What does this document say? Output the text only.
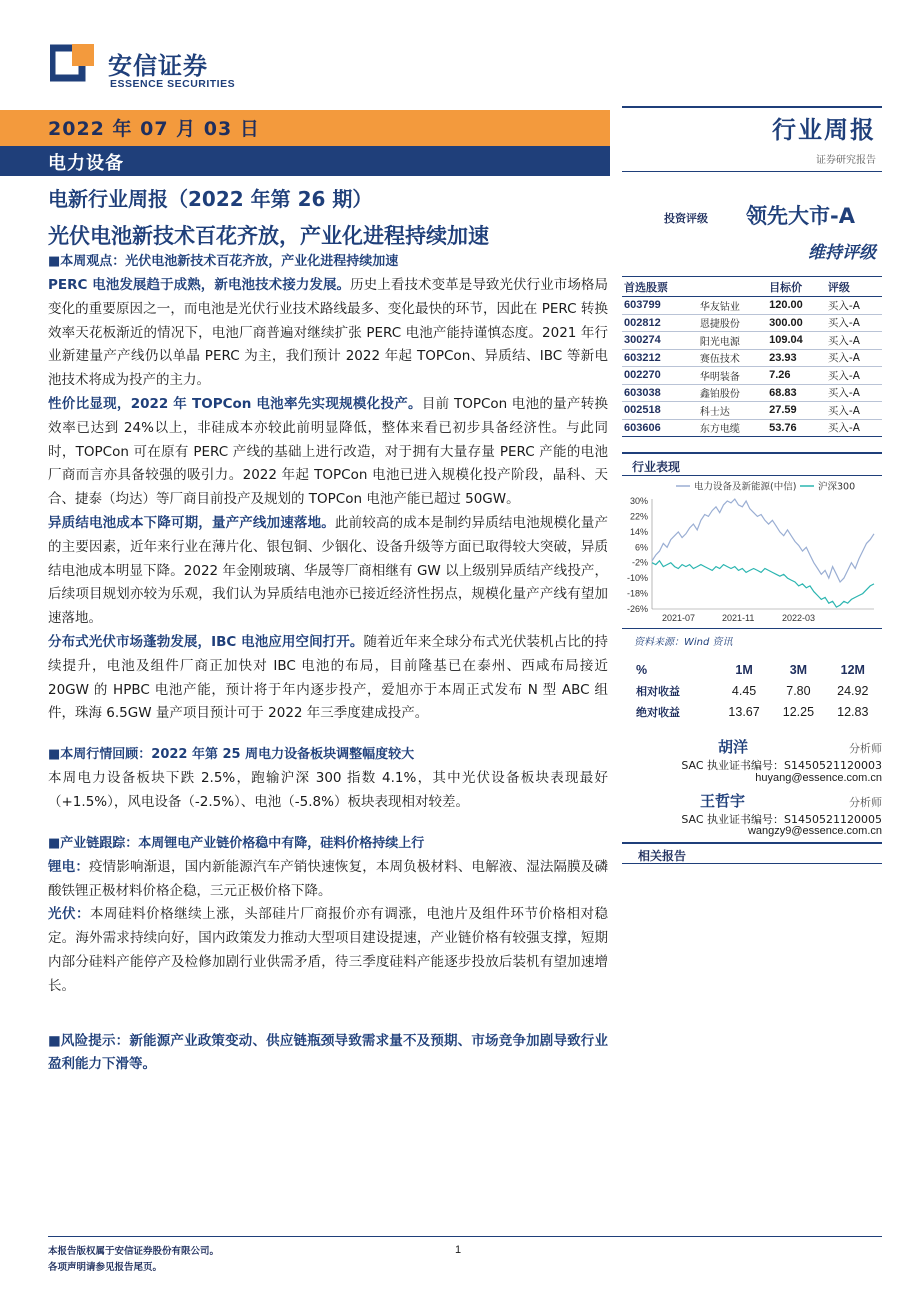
安信证券
ESSENCE SECURITIES
2022 年 07 月 03 日
电力设备
行业周报
证券研究报告
电新行业周报（2022 年第 26 期）
光伏电池新技术百花齐放，产业化进程持续加速
投资评级 领先大市-A
维持评级
■本周观点：光伏电池新技术百花齐放，产业化进程持续加速

PERC 电池发展趋于成熟，新电池技术接力发展。历史上看技术变革是导致光伏行业市场格局变化的重要原因之一，而电池是光伏行业技术路线最多、变化最快的环节，因此在 PERC 转换效率天花板渐近的情况下，电池厂商普遍对继续扩张 PERC 电池产能持谨慎态度。2021 年行业新建量产产线仍以单晶 PERC 为主，我们预计 2022 年起 TOPCon、异质结、IBC 等新电池技术将成为投产的主力。

性价比显现，2022 年 TOPCon 电池率先实现规模化投产。目前 TOPCon 电池的量产转换效率已达到 24%以上，非硅成本亦较此前明显降低，整体来看已初步具备经济性。与此同时，TOPCon 可在原有 PERC 产线的基础上进行改造，对于拥有大量存量 PERC 产能的电池厂商而言亦具备较强的吸引力。2022 年起 TOPCon 电池已进入规模化投产阶段，晶科、天合、捷泰（均达）等厂商目前投产及规划的 TOPCon 电池产能已超过 50GW。

异质结电池成本下降可期，量产产线加速落地。此前较高的成本是制约异质结电池规模化量产的主要因素，近年来行业在薄片化、银包铜、少铟化、设备升级等方面已取得较大突破，异质结电池成本明显下降。2022 年金刚玻璃、华晟等厂商相继有 GW 以上级别异质结产线投产，后续项目规划亦较为乐观，我们认为异质结电池亦已接近经济性拐点，规模化量产产线有望加速落地。

分布式光伏市场蓬勃发展，IBC 电池应用空间打开。随着近年来全球分布式光伏装机占比的持续提升，电池及组件厂商正加快对 IBC 电池的布局，目前隆基已在泰州、西咸布局接近 20GW 的 HPBC 电池产能，预计将于年内逐步投产，爱旭亦于本周正式发布 N 型 ABC 组件，珠海 6.5GW 量产项目预计可于 2022 年三季度建成投产。

■本周行情回顾：2022 年第 25 周电力设备板块调整幅度较大

本周电力设备板块下跌 2.5%，跑输沪深 300 指数 4.1%，其中光伏设备板块表现最好（+1.5%），风电设备（-2.5%）、电池（-5.8%）板块表现相对较差。

■产业链跟踪：本周锂电产业链价格稳中有降，硅料价格持续上行

锂电：疫情影响渐退，国内新能源汽车产销快速恢复，本周负极材料、电解液、湿法隔膜及磷酸铁锂正极材料价格企稳，三元正极价格下降。

光伏：本周硅料价格继续上涨，头部硅片厂商报价亦有调涨，电池片及组件环节价格相对稳定。海外需求持续向好，国内政策发力推动大型项目建设提速，产业链价格有较强支撑，短期内部分硅料产能停产及检修加剧行业供需矛盾，待三季度硅料产能逐步投放后装机有望加速增长。

■风险提示：新能源产业政策变动、供应链瓶颈导致需求量不及预期、市场竞争加剧导致行业盈利能力下滑等。

首选股票		目标价	评级
603799	华友钴业	120.00	买入-A
002812	恩捷股份	300.00	买入-A
300274	阳光电源	109.04	买入-A
603212	赛伍技术	23.93	买入-A
002270	华明装备	7.26	买入-A
603038	鑫铂股份	68.83	买入-A
002518	科士达	27.59	买入-A
603606	东方电缆	53.76	买入-A
行业表现
电力设备及新能源(中信) 沪深300
30%
22%
14%
6%
-2%
-10%
-18%
-26%
2021-07	2021-11	2022-03
资料来源：Wind 资讯
%	1M	3M	12M
相对收益	4.45	7.80	24.92
绝对收益	13.67	12.25	12.83
胡洋	分析师
SAC 执业证书编号：S1450521120003
huyang@essence.com.cn
王哲宇	分析师
SAC 执业证书编号：S1450521120005
wangzy9@essence.com.cn
相关报告
本报告版权属于安信证券股份有限公司。
各项声明请参见报告尾页。
1
